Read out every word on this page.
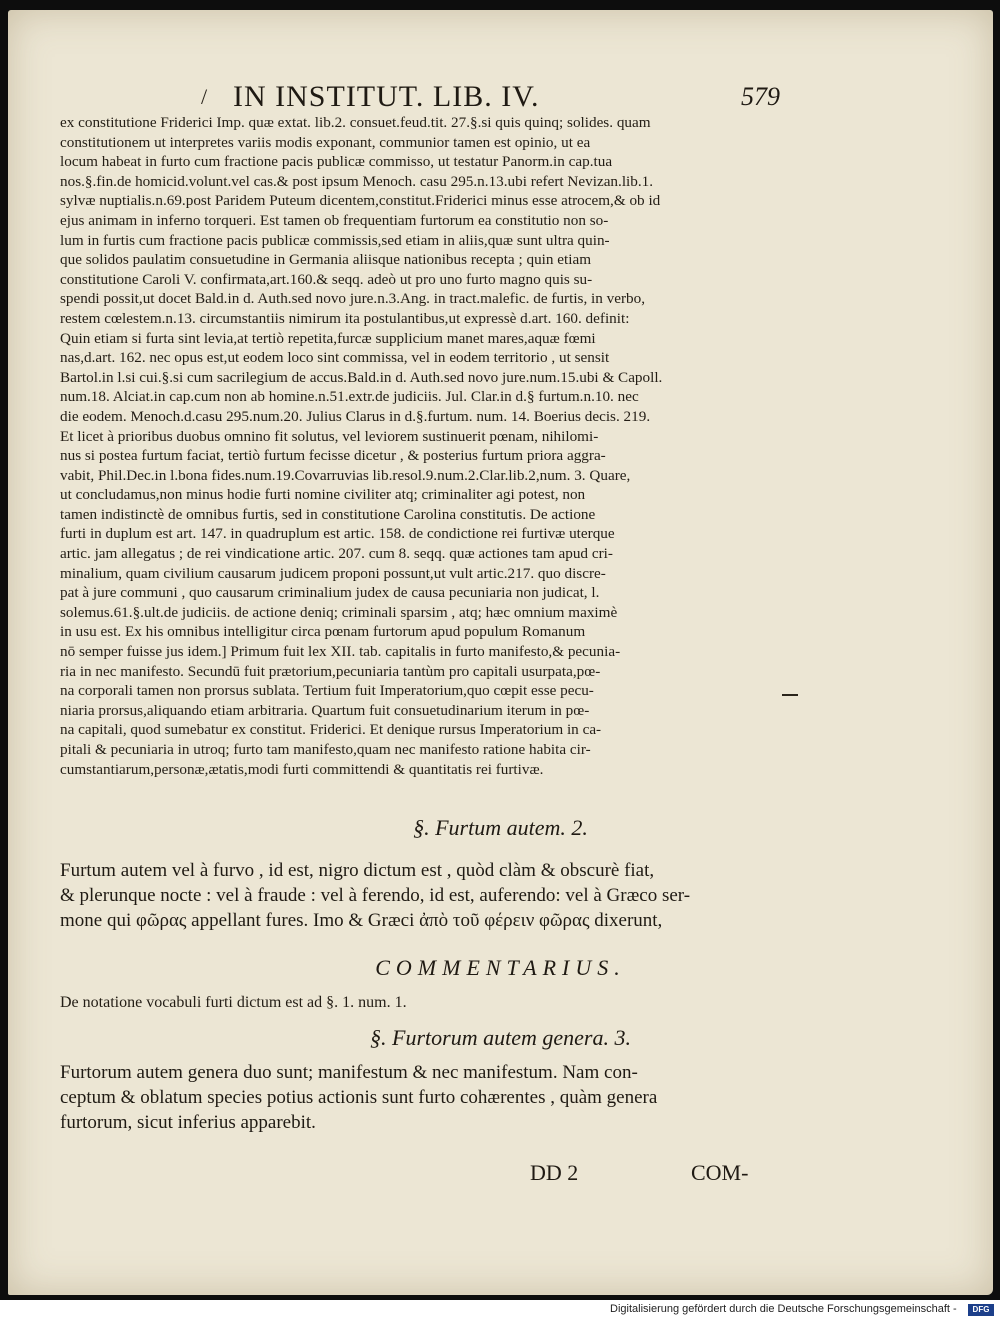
/ IN INSTITUT. LIB. IV.	579
ex constitutione Friderici Imp. quæ extat. lib.2. consuet.feud.tit. 27.§.si quis quinq; solides. quam
constitutionem ut interpretes variis modis exponant, communior tamen est opinio, ut ea
locum habeat in furto cum fractione pacis publicæ commisso, ut testatur Panorm.in cap.tua
nos.§.fin.de homicid.volunt.vel cas.& post ipsum Menoch. casu 295.n.13.ubi refert Nevizan.lib.1.
sylvæ nuptialis.n.69.post Paridem Puteum dicentem,constitut.Friderici minus esse atrocem,& ob id
ejus animam in inferno torqueri. Est tamen ob frequentiam furtorum ea constitutio non so-
lum in furtis cum fractione pacis publicæ commissis,sed etiam in aliis,quæ sunt ultra quin-
que solidos paulatim consuetudine in Germania aliisque nationibus recepta ; quin etiam
constitutione Caroli V. confirmata,art.160.& seqq. adeò ut pro uno furto magno quis su-
spendi possit,ut docet Bald.in d. Auth.sed novo jure.n.3.Ang. in tract.malefic. de furtis, in verbo,
restem cœlestem.n.13. circumstantiis nimirum ita postulantibus,ut expressè d.art. 160. definit:
Quin etiam si furta sint levia,at tertiò repetita,furcæ supplicium manet mares,aquæ fœmi
nas,d.art. 162. nec opus est,ut eodem loco sint commissa, vel in eodem territorio , ut sensit
Bartol.in l.si cui.§.si cum sacrilegium de accus.Bald.in d. Auth.sed novo jure.num.15.ubi & Capoll.
num.18. Alciat.in cap.cum non ab homine.n.51.extr.de judiciis. Jul. Clar.in d.§ furtum.n.10. nec
die eodem. Menoch.d.casu 295.num.20. Julius Clarus in d.§.furtum. num. 14. Boerius decis. 219.
Et licet à prioribus duobus omnino fit solutus, vel leviorem sustinuerit pœnam, nihilomi-
nus si postea furtum faciat, tertiò furtum fecisse dicetur , & posterius furtum priora aggra-
vabit, Phil.Dec.in l.bona fides.num.19.Covarruvias lib.resol.9.num.2.Clar.lib.2,num. 3. Quare,
ut concludamus,non minus hodie furti nomine civiliter atq; criminaliter agi potest, non
tamen indistinctè de omnibus furtis, sed in constitutione Carolina constitutis. De actione
furti in duplum est art. 147. in quadruplum est artic. 158. de condictione rei furtivæ uterque
artic. jam allegatus ; de rei vindicatione artic. 207. cum 8. seqq. quæ actiones tam apud cri-
minalium, quam civilium causarum judicem proponi possunt,ut vult artic.217. quo discre-
pat à jure communi , quo causarum criminalium judex de causa pecuniaria non judicat, l.
solemus.61.§.ult.de judiciis. de actione deniq; criminali sparsim , atq; hæc omnium maximè
in usu est. Ex his omnibus intelligitur circa pœnam furtorum apud populum Romanum
nō semper fuisse jus idem.] Primum fuit lex XII. tab. capitalis in furto manifesto,& pecunia-
ria in nec manifesto. Secundū fuit prætorium,pecuniaria tantùm pro capitali usurpata,pœ-
na corporali tamen non prorsus sublata. Tertium fuit Imperatorium,quo cœpit esse pecu-
niaria prorsus,aliquando etiam arbitraria. Quartum fuit consuetudinarium iterum in pœ-
na capitali, quod sumebatur ex constitut. Friderici. Et denique rursus Imperatorium in ca-
pitali & pecuniaria in utroq; furto tam manifesto,quam nec manifesto ratione habita cir-
cumstantiarum,personæ,ætatis,modi furti committendi & quantitatis rei furtivæ.
§. Furtum autem. 2.
Furtum autem vel à furvo , id est, nigro dictum est , quòd clàm & obscurè fiat,
& plerunque nocte : vel à fraude : vel à ferendo, id est, auferendo: vel à Græco ser-
mone qui φῶρας appellant fures. Imo & Græci ἀπὸ τοῦ φέρειν φῶρας dixerunt,
COMMENTARIUS.
De notatione vocabuli furti dictum est ad §. 1. num. 1.
§. Furtorum autem genera. 3.
Furtorum autem genera duo sunt; manifestum & nec manifestum. Nam con-
ceptum & oblatum species potius actionis sunt furto cohærentes , quàm genera
furtorum, sicut inferius apparebit.
DD 2	COM-
Digitalisierung gefördert durch die Deutsche Forschungsgemeinschaft -	DFG
